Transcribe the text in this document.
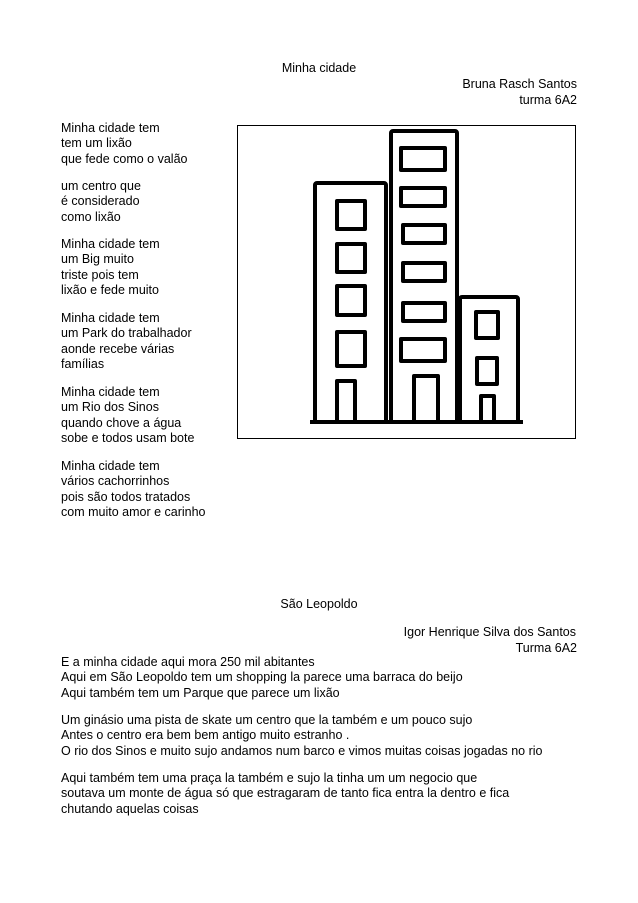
Minha cidade
Bruna Rasch Santos
turma 6A2
Minha cidade tem
tem um lixão
que fede como o valão
um centro que
é considerado
como lixão
Minha cidade tem
um Big muito
triste pois tem
lixão e fede muito
Minha cidade tem
um Park do trabalhador
aonde recebe várias
famílias
Minha cidade tem
um Rio dos Sinos
quando chove a água
sobe e todos usam bote
Minha cidade tem
vários cachorrinhos
pois são todos tratados
com muito amor e carinho
São Leopoldo
Igor Henrique Silva dos Santos
Turma 6A2
E a minha cidade aqui mora 250 mil abitantes
Aqui em São Leopoldo tem um shopping la parece uma barraca do beijo
Aqui também tem um Parque que parece um lixão
Um ginásio uma pista de skate um centro que la também e um pouco sujo
Antes o centro era bem bem antigo muito estranho .
O rio dos Sinos e muito sujo andamos num barco e vimos muitas coisas jogadas no rio
Aqui também tem uma praça la também e sujo la tinha um um negocio que
soutava um monte de água só que estragaram de tanto fica entra la dentro e fica
chutando aquelas coisas
